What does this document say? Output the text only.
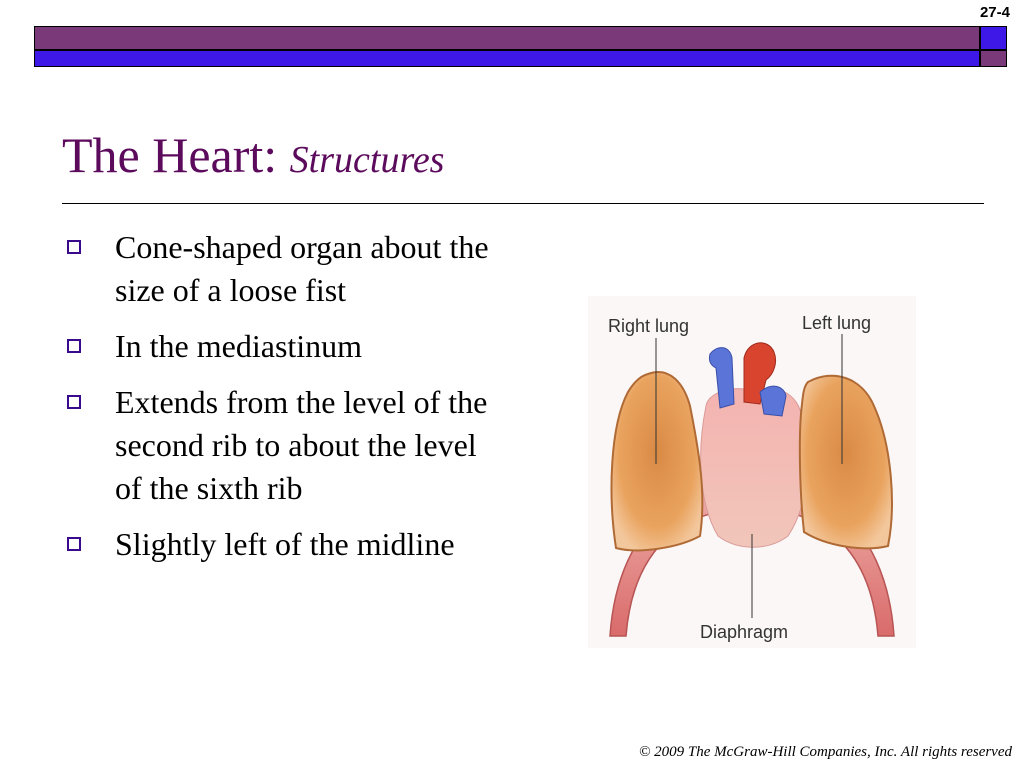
27-4
The Heart: Structures
Cone-shaped organ about the size of a loose fist
In the mediastinum
Extends from the level of the second rib to about the level of the sixth rib
Slightly left of the midline
Right lung	Left lung
Diaphragm
© 2009 The McGraw-Hill Companies, Inc. All rights reserved
